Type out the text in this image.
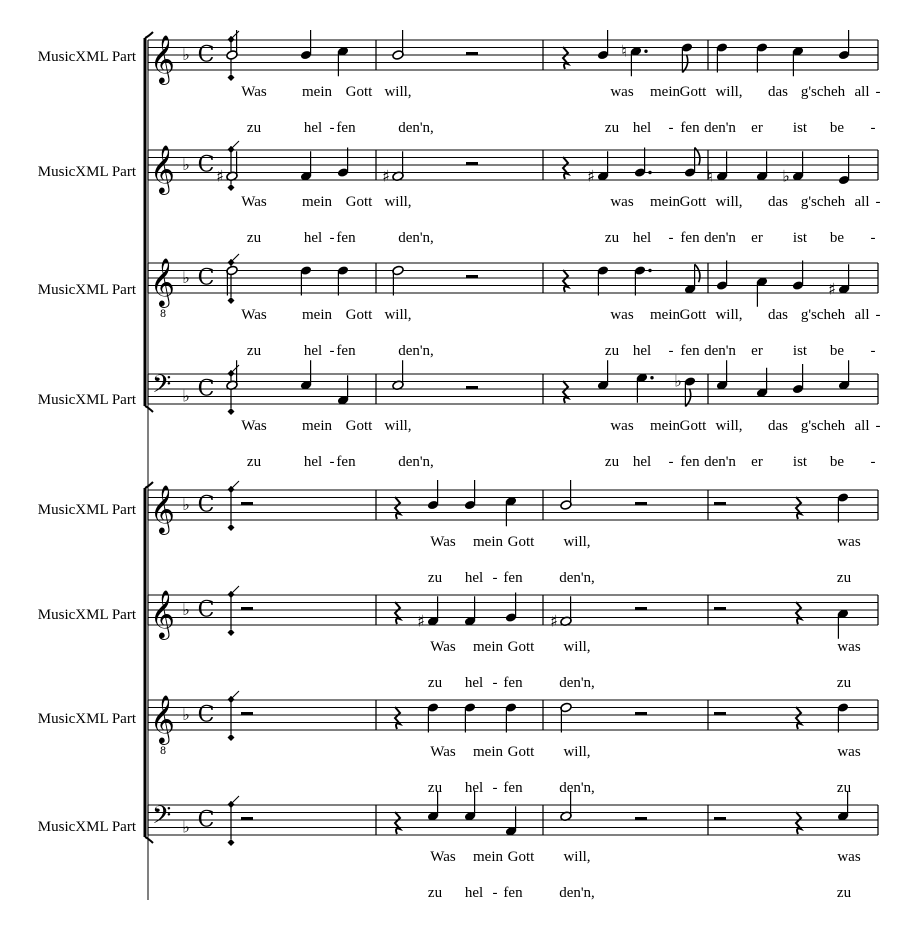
𝄞 ♭ C	♮
𝄞 ♭ C ♯	♯	♯	♮	♭
𝄞
8
♭ C	♯
𝄢 ♭ C	♭
𝄞 ♭ C
𝄞 ♭ C	♯	♯
𝄞
8
♭ C
𝄢 ♭ C
MusicXML Part
Was mein Gott will,	was mein Gott will, das g'scheh all -
zu	hel - fen	den'n,	zu hel - fen den'n er ist be -
MusicXML Part
Was mein Gott will,	was mein Gott will, das g'scheh all -
zu	hel - fen	den'n,	zu hel - fen den'n er ist be -
MusicXML Part
Was mein Gott will,	was mein Gott will, das g'scheh all -
zu	hel - fen	den'n,	zu hel - fen den'n er ist be -
MusicXML Part
Was mein Gott will,	was mein Gott will, das g'scheh all -
zu	hel - fen	den'n,	zu hel - fen den'n er ist be -
MusicXML Part
Was mein Gott will,	was
zu hel - fen den'n,	zu
MusicXML Part
Was mein Gott will,	was
zu hel - fen den'n,	zu
MusicXML Part
Was mein Gott will,	was
zu hel - fen den'n,	zu
MusicXML Part
Was mein Gott will,	was
zu hel - fen den'n,	zu
